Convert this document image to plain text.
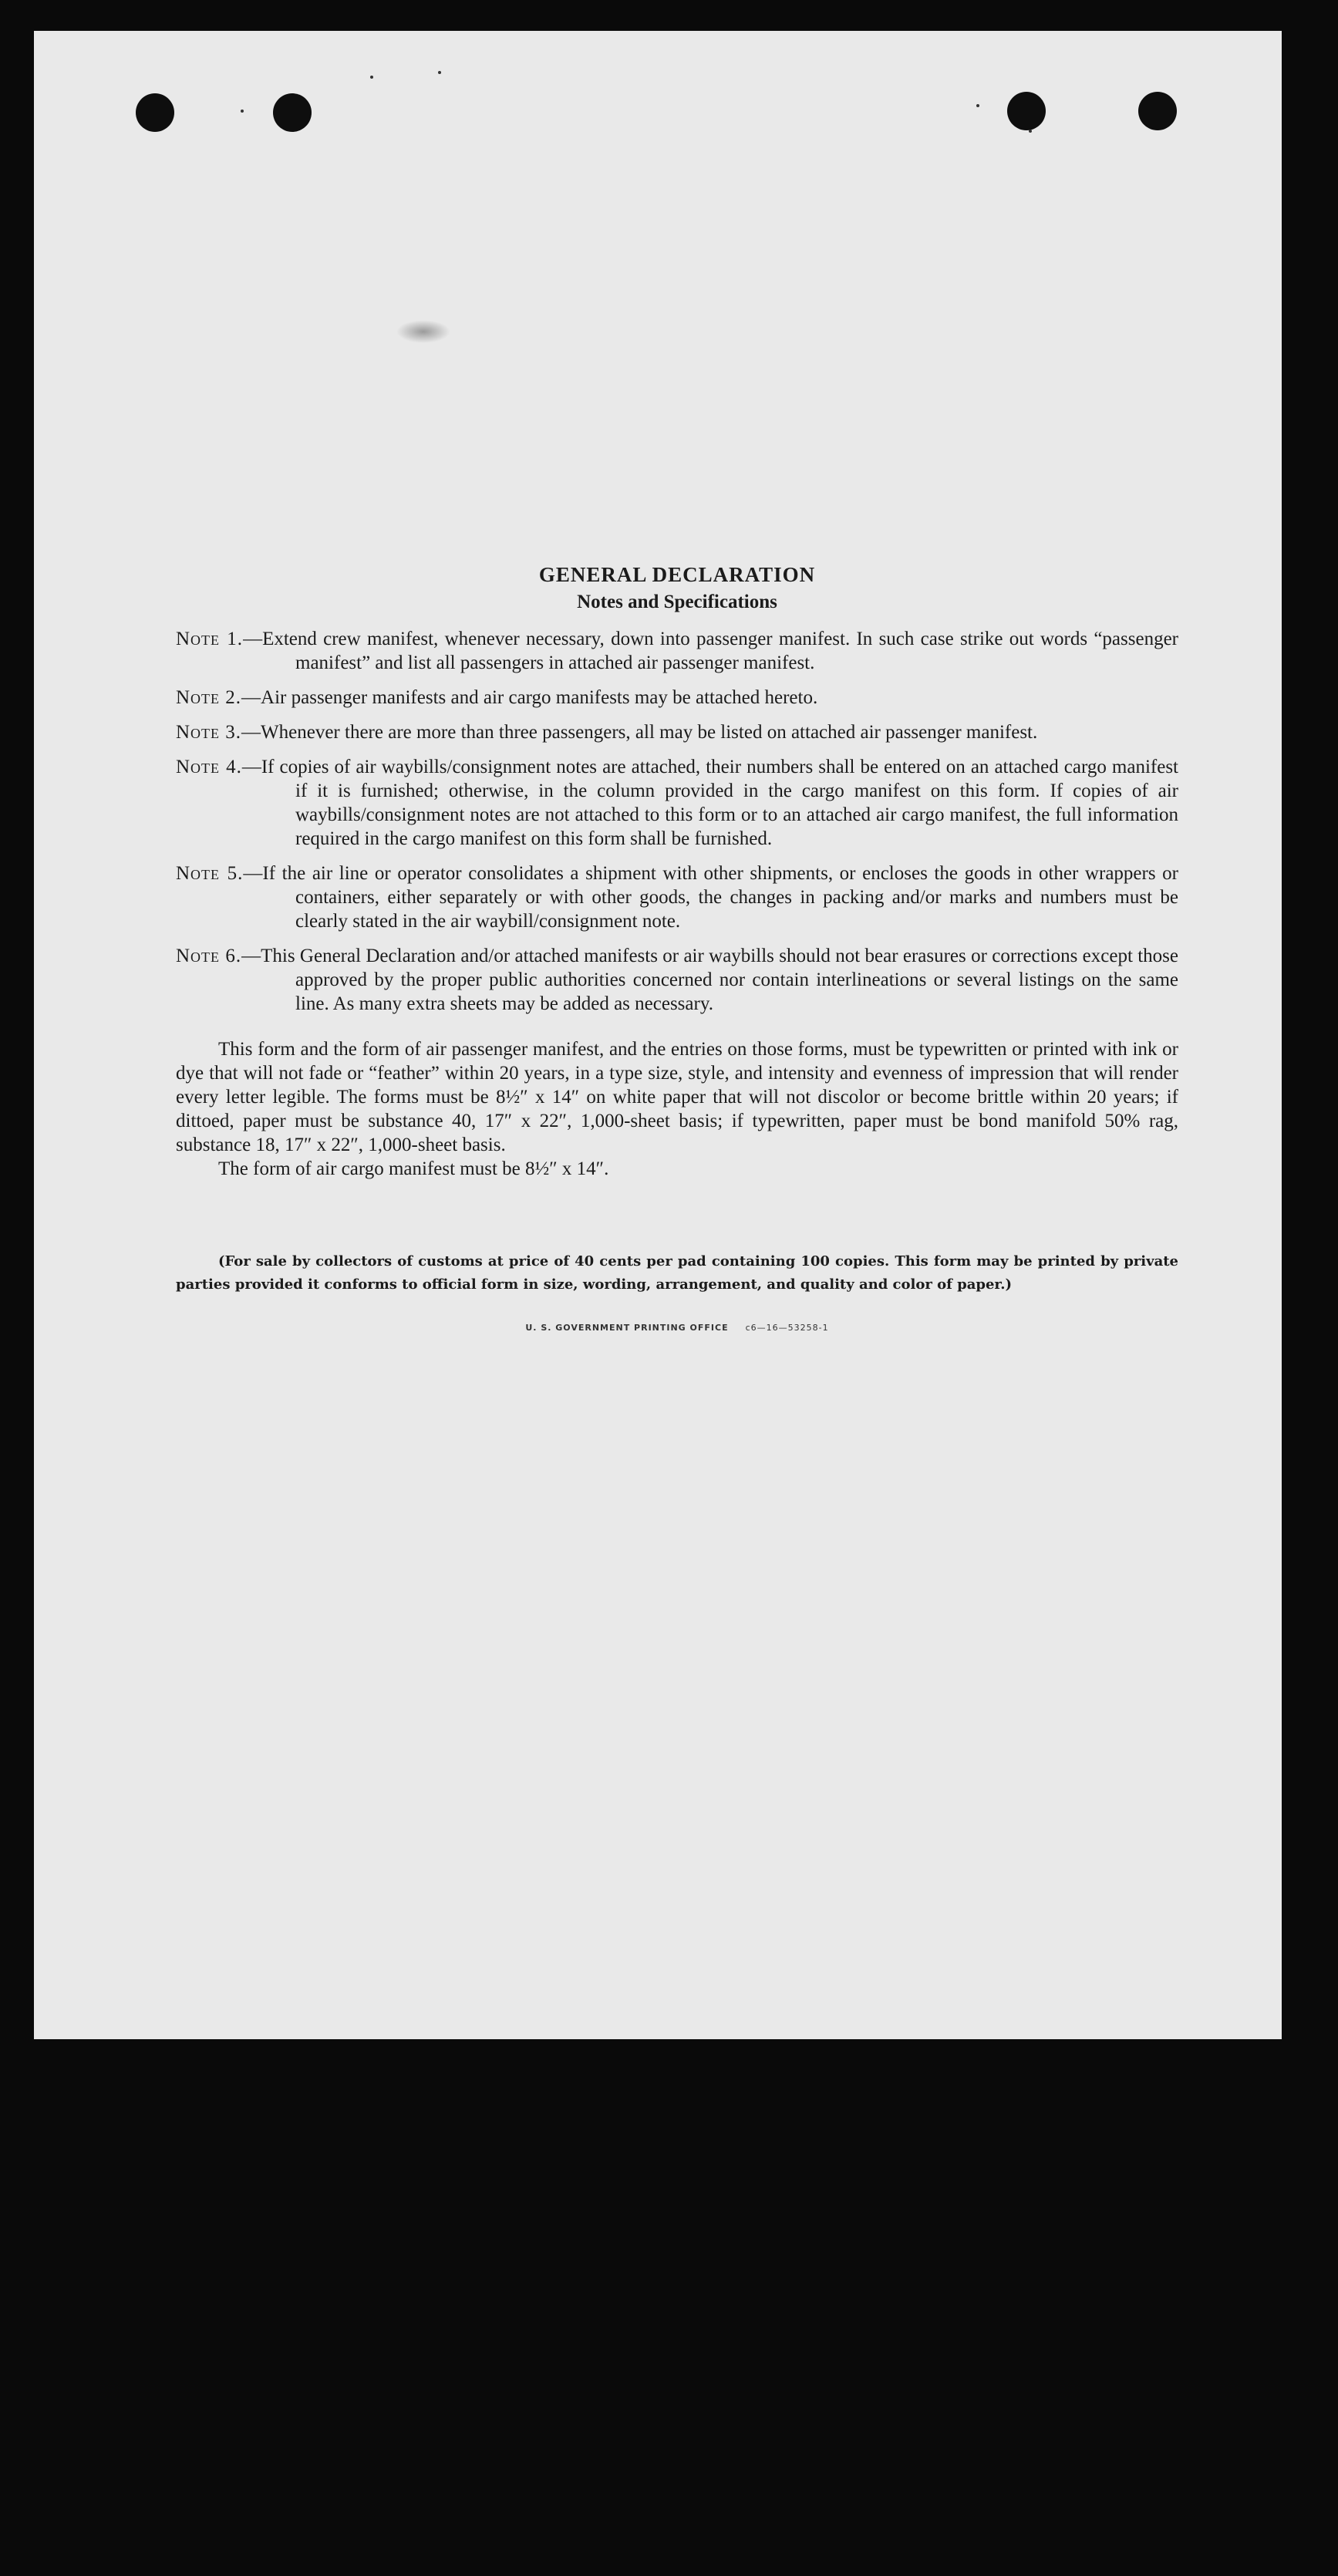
GENERAL DECLARATION
Notes and Specifications

Note 1.—Extend crew manifest, whenever necessary, down into passenger manifest. In such case strike out words “passenger manifest” and list all passengers in attached air passenger manifest.

Note 2.—Air passenger manifests and air cargo manifests may be attached hereto.

Note 3.—Whenever there are more than three passengers, all may be listed on attached air passenger manifest.

Note 4.—If copies of air waybills/consignment notes are attached, their numbers shall be entered on an attached cargo manifest if it is furnished; otherwise, in the column provided in the cargo manifest on this form. If copies of air waybills/consignment notes are not attached to this form or to an attached air cargo manifest, the full information required in the cargo manifest on this form shall be furnished.

Note 5.—If the air line or operator consolidates a shipment with other shipments, or encloses the goods in other wrappers or containers, either separately or with other goods, the changes in packing and/or marks and numbers must be clearly stated in the air waybill/consignment note.

Note 6.—This General Declaration and/or attached manifests or air waybills should not bear erasures or corrections except those approved by the proper public authorities concerned nor contain interlineations or several listings on the same line. As many extra sheets may be added as necessary.

This form and the form of air passenger manifest, and the entries on those forms, must be typewritten or printed with ink or dye that will not fade or “feather” within 20 years, in a type size, style, and intensity and evenness of impression that will render every letter legible. The forms must be 8½″ x 14″ on white paper that will not discolor or become brittle within 20 years; if dittoed, paper must be substance 40, 17″ x 22″, 1,000-sheet basis; if typewritten, paper must be bond manifold 50% rag, substance 18, 17″ x 22″, 1,000-sheet basis.

The form of air cargo manifest must be 8½″ x 14″.

(For sale by collectors of customs at price of 40 cents per pad containing 100 copies. This form may be printed by private parties provided it conforms to official form in size, wording, arrangement, and quality and color of paper.)

U. S. GOVERNMENT PRINTING OFFICE c6—16—53258-1
